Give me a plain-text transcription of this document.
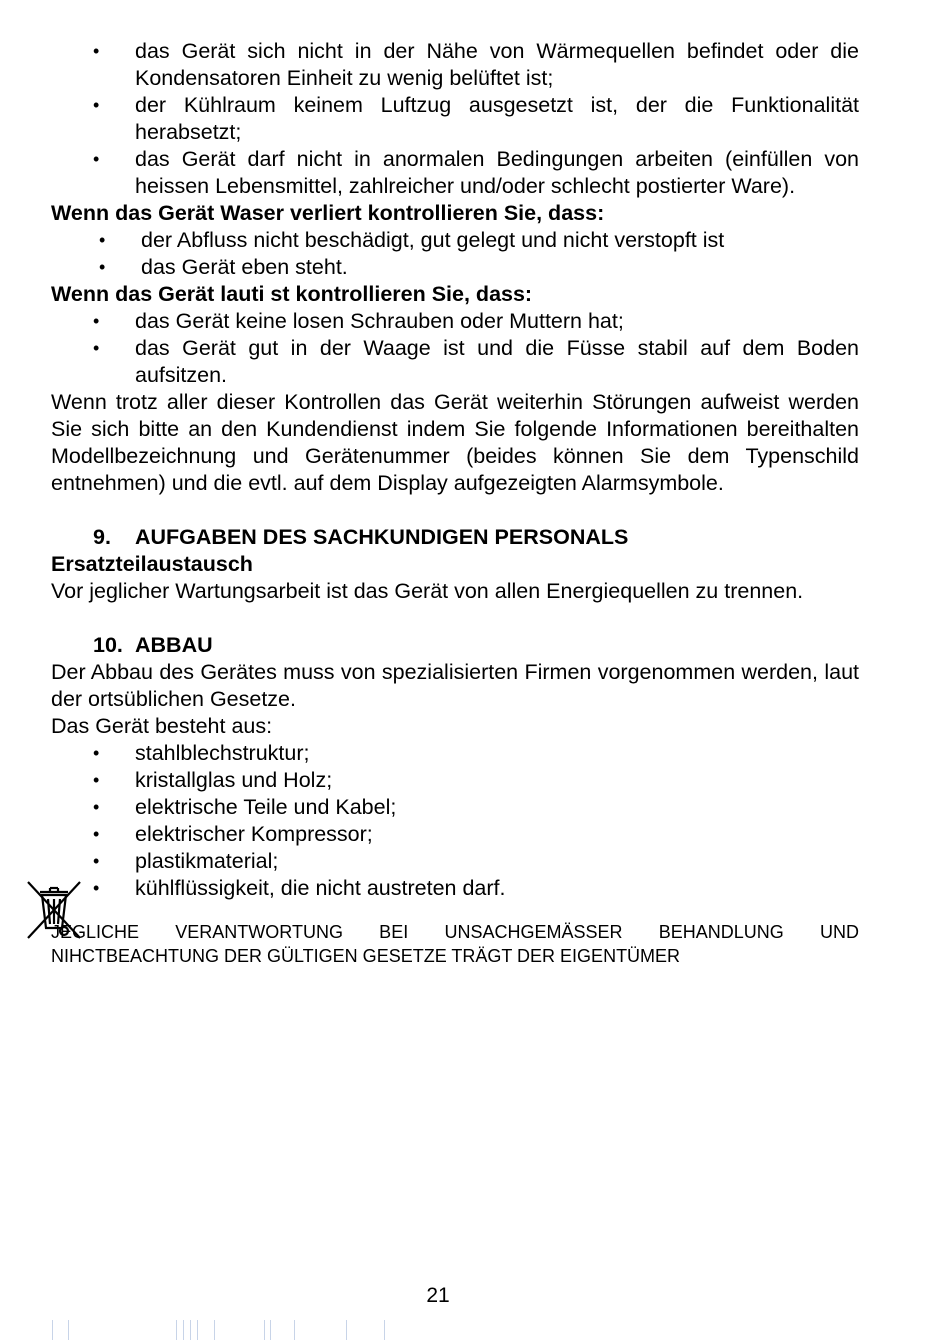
• das Gerät sich nicht in der Nähe von Wärmequellen befindet oder die Kondensatoren Einheit zu wenig belüftet ist;
• der Kühlraum keinem Luftzug ausgesetzt ist, der die Funktionalität herabsetzt;
• das Gerät darf nicht in anormalen Bedingungen arbeiten (einfüllen von heissen Lebensmittel, zahlreicher und/oder schlecht postierter Ware).
Wenn das Gerät Waser verliert kontrollieren Sie, dass:
• der Abfluss nicht beschädigt, gut gelegt und nicht verstopft ist
• das Gerät eben steht.
Wenn das Gerät lauti st kontrollieren Sie, dass:
• das Gerät keine losen Schrauben oder Muttern hat;
• das Gerät gut in der Waage ist und die Füsse stabil auf dem Boden aufsitzen.
Wenn trotz aller dieser Kontrollen das Gerät weiterhin Störungen aufweist werden Sie sich bitte an den Kundendienst indem Sie folgende Informationen bereithalten Modellbezeichnung und Gerätenummer (beides können Sie dem Typenschild entnehmen) und die evtl. auf dem Display aufgezeigten Alarmsymbole.
9. AUFGABEN DES SACHKUNDIGEN PERSONALS
Ersatzteilaustausch
Vor jeglicher Wartungsarbeit ist das Gerät von allen Energiequellen zu trennen.
10. ABBAU
Der Abbau des Gerätes muss von spezialisierten Firmen vorgenommen werden, laut der ortsüblichen Gesetze.
Das Gerät besteht aus:
• stahlblechstruktur;
• kristallglas und Holz;
• elektrische Teile und Kabel;
• elektrischer Kompressor;
• plastikmaterial;
• kühlflüssigkeit, die nicht austreten darf.
JEGLICHE VERANTWORTUNG BEI UNSACHGEMÄSSER BEHANDLUNG UND NIHCTBEACHTUNG DER GÜLTIGEN GESETZE TRÄGT DER EIGENTÜMER
21
